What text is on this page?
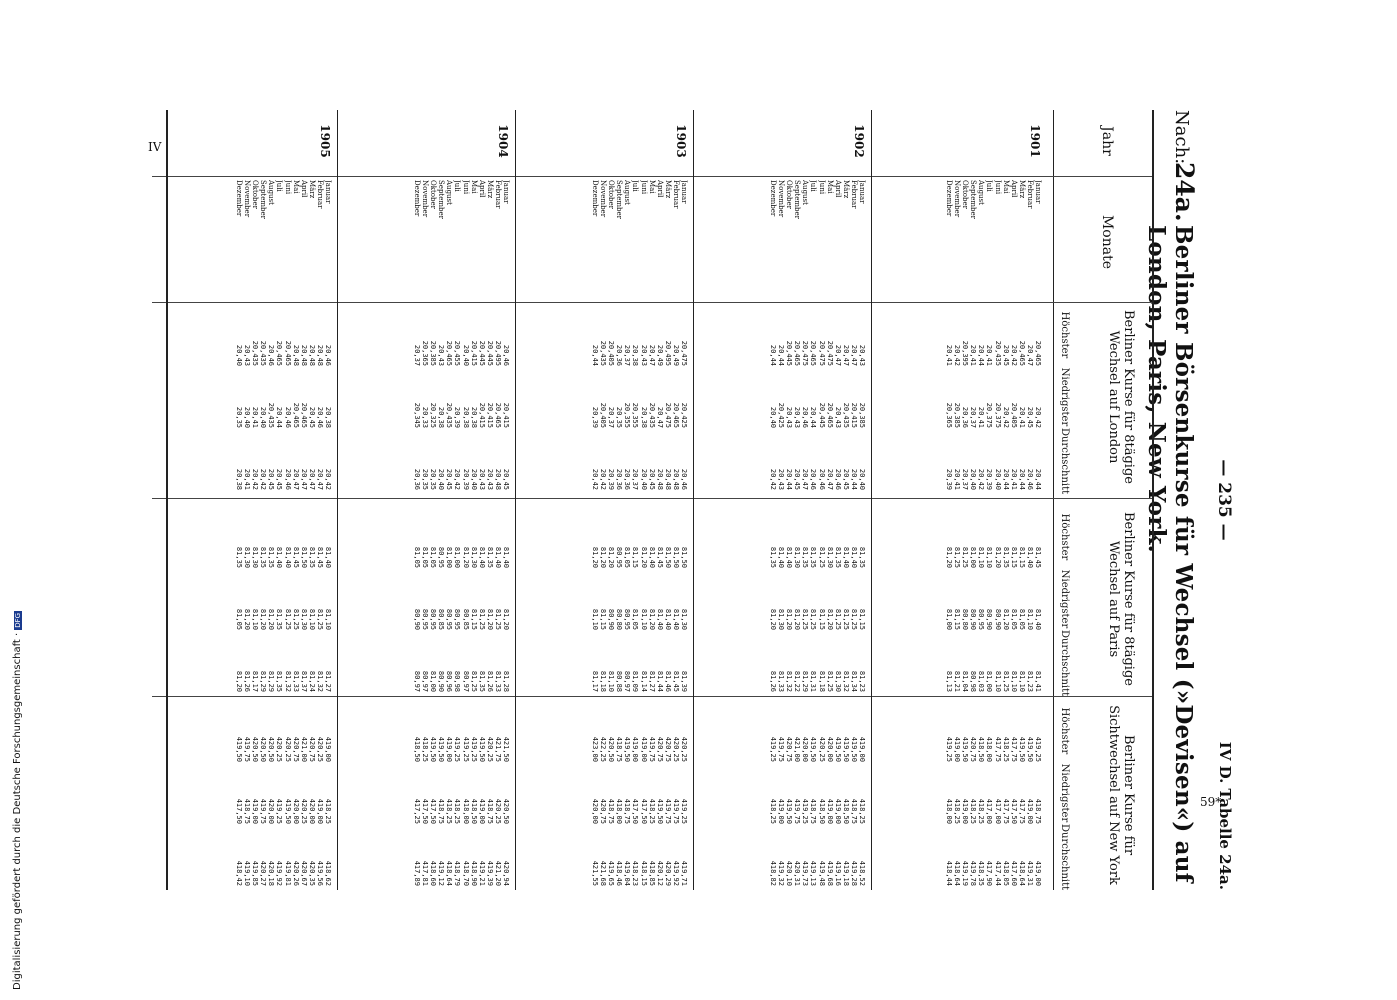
— 235 —
IV D. Tabelle 24a.
Nach:
24a.
Berliner Börsenkurse für Wechsel (»Devisen«) auf London, Paris, New York.
Jahr
Monate
Berliner Kurse für 8tägige Wechsel auf London
Berliner Kurse für 8tägige Wechsel auf Paris
Berliner Kurse für Sichtwechsel auf New York
Höchster
Niedrigster
Durchschnitt
Höchster
Niedrigster
Durchschnitt
Höchster
Niedrigster
Durchschnitt
1901
Januar
20,465
20,42
20,44
81,45
81,40
81,41
419,25
418,75
419,00
Februar
20,47
20,45
20,46
81,40
81,10
81,23
419,50
419,00
419,31
März
20,465
20,41
20,44
81,15
81,05
81,10
419,50
417,75
418,64
April
20,42
20,405
20,41
81,15
81,05
81,10
417,75
417,50
417,60
Mai
20,45
20,42
20,44
81,35
81,20
81,25
418,25
417,75
418,05
Juni
20,435
20,375
20,40
81,20
80,90
81,10
417,75
417,00
417,44
Juli
20,41
20,375
20,39
81,10
80,90
81,00
418,00
417,00
417,90
August
20,44
20,41
20,42
81,10
80,95
81,03
418,50
418,25
418,35
September
20,41
20,37
20,40
81,00
80,90
80,98
420,75
418,25
419,78
Oktober
20,395
20,36
20,37
81,25
80,80
81,04
419,50
419,00
419,19
November
20,42
20,385
20,41
81,25
81,15
81,21
419,00
418,25
418,64
Dezember
20,41
20,365
20,39
81,20
81,00
81,13
419,25
418,00
418,44
1902
Januar
20,43
20,385
20,40
81,35
81,15
81,23
419,00
418,25
418,52
Februar
20,47
20,415
20,44
81,40
81,25
81,34
419,50
418,75
419,28
März
20,47
20,435
20,45
81,40
81,25
81,32
419,50
418,50
419,18
April
20,47
20,43
20,46
81,35
81,25
81,30
419,50
419,00
419,16
Mai
20,475
20,465
20,47
81,30
81,20
81,25
420,00
419,00
419,68
Juni
20,475
20,445
20,46
81,25
81,15
81,18
420,25
418,50
419,48
Juli
20,465
20,44
20,46
81,35
81,25
81,31
419,50
418,75
419,13
August
20,475
20,46
20,47
81,35
81,25
81,29
420,00
419,25
419,73
September
20,465
20,43
20,45
81,30
81,20
81,22
421,00
419,75
420,31
Oktober
20,445
20,43
20,44
81,40
81,20
81,32
420,75
419,50
420,10
November
20,44
20,425
20,43
81,40
81,30
81,33
419,75
419,00
419,32
Dezember
20,44
20,40
20,42
81,35
81,20
81,26
419,25
418,25
418,82
1903
Januar
20,475
20,425
20,46
81,50
81,30
81,39
420,25
419,25
419,71
Februar
20,49
20,465
20,48
81,50
81,40
81,45
420,25
419,75
419,92
März
20,495
20,475
20,48
81,50
81,40
81,46
420,75
419,75
420,29
April
20,49
20,47
20,48
81,45
81,40
81,44
420,75
419,50
420,12
Mai
20,47
20,435
20,45
81,40
81,20
81,27
419,75
418,25
418,85
Juni
20,43
20,38
20,40
81,20
81,10
81,14
419,00
417,50
418,15
Juli
20,38
20,355
20,37
81,15
81,05
81,09
419,00
417,50
418,23
August
20,37
20,355
20,36
81,05
80,95
80,97
419,50
418,75
419,04
September
20,36
20,35
20,36
80,95
80,80
80,88
418,75
418,00
418,46
Oktober
20,405
20,37
20,39
81,20
80,90
81,10
420,50
418,75
419,65
November
20,435
20,405
20,42
81,20
81,15
81,18
422,25
420,75
421,68
Dezember
20,44
20,39
20,42
81,20
81,10
81,17
423,00
420,00
421,55
1904
Januar
20,46
20,415
20,45
81,40
81,20
81,28
421,50
420,50
420,94
Februar
20,495
20,465
20,48
81,40
81,25
81,33
421,75
420,25
421,20
März
20,445
20,415
20,43
81,35
81,20
81,26
420,25
418,75
419,39
April
20,445
20,415
20,43
81,40
81,25
81,35
419,50
419,00
419,21
Mai
20,415
20,38
20,40
81,30
81,15
81,25
419,25
418,50
418,90
Juni
20,40
20,38
20,39
81,20
80,85
80,97
419,25
418,00
418,70
Juli
20,455
20,39
20,42
81,00
80,95
80,98
419,25
418,25
418,79
August
20,465
20,435
20,45
81,00
80,95
80,96
419,00
418,25
418,64
September
20,43
20,38
20,40
80,95
80,85
80,90
419,50
418,75
419,12
Oktober
20,385
20,325
20,35
81,05
80,95
81,00
419,50
417,50
418,60
November
20,365
20,33
20,35
81,05
80,95
80,97
418,25
417,50
417,81
Dezember
20,37
20,345
20,36
81,05
80,90
80,97
418,50
417,25
417,89
1905
Januar
20,46
20,38
20,42
81,40
81,10
81,27
419,00
418,25
418,62
Februar
20,48
20,46
20,47
81,45
81,25
81,32
420,25
419,00
419,56
März
20,48
20,45
20,47
81,35
81,10
81,24
420,75
420,00
420,35
April
20,48
20,465
20,47
81,50
81,30
81,37
421,00
420,25
420,67
Mai
20,48
20,465
20,47
81,45
81,25
81,33
420,75
420,00
420,26
Juni
20,465
20,46
20,46
81,40
81,25
81,32
420,25
419,50
419,81
Juli
20,465
20,44
20,45
81,40
81,35
81,35
420,25
419,25
419,92
August
20,46
20,435
20,45
81,35
81,20
81,29
420,50
420,00
420,18
September
20,435
20,40
20,42
81,35
81,20
81,29
420,50
419,75
420,27
Oktober
20,435
20,41
20,42
81,30
81,10
81,17
420,50
419,00
419,85
November
20,43
20,40
20,41
81,30
81,20
81,26
419,75
418,75
419,10
Dezember
20,40
20,35
20,38
81,35
81,05
81,20
419,50
417,50
418,42
IV
59*
Digitalisierung gefördert durch die Deutsche Forschungsgemeinschaft ·DFG
